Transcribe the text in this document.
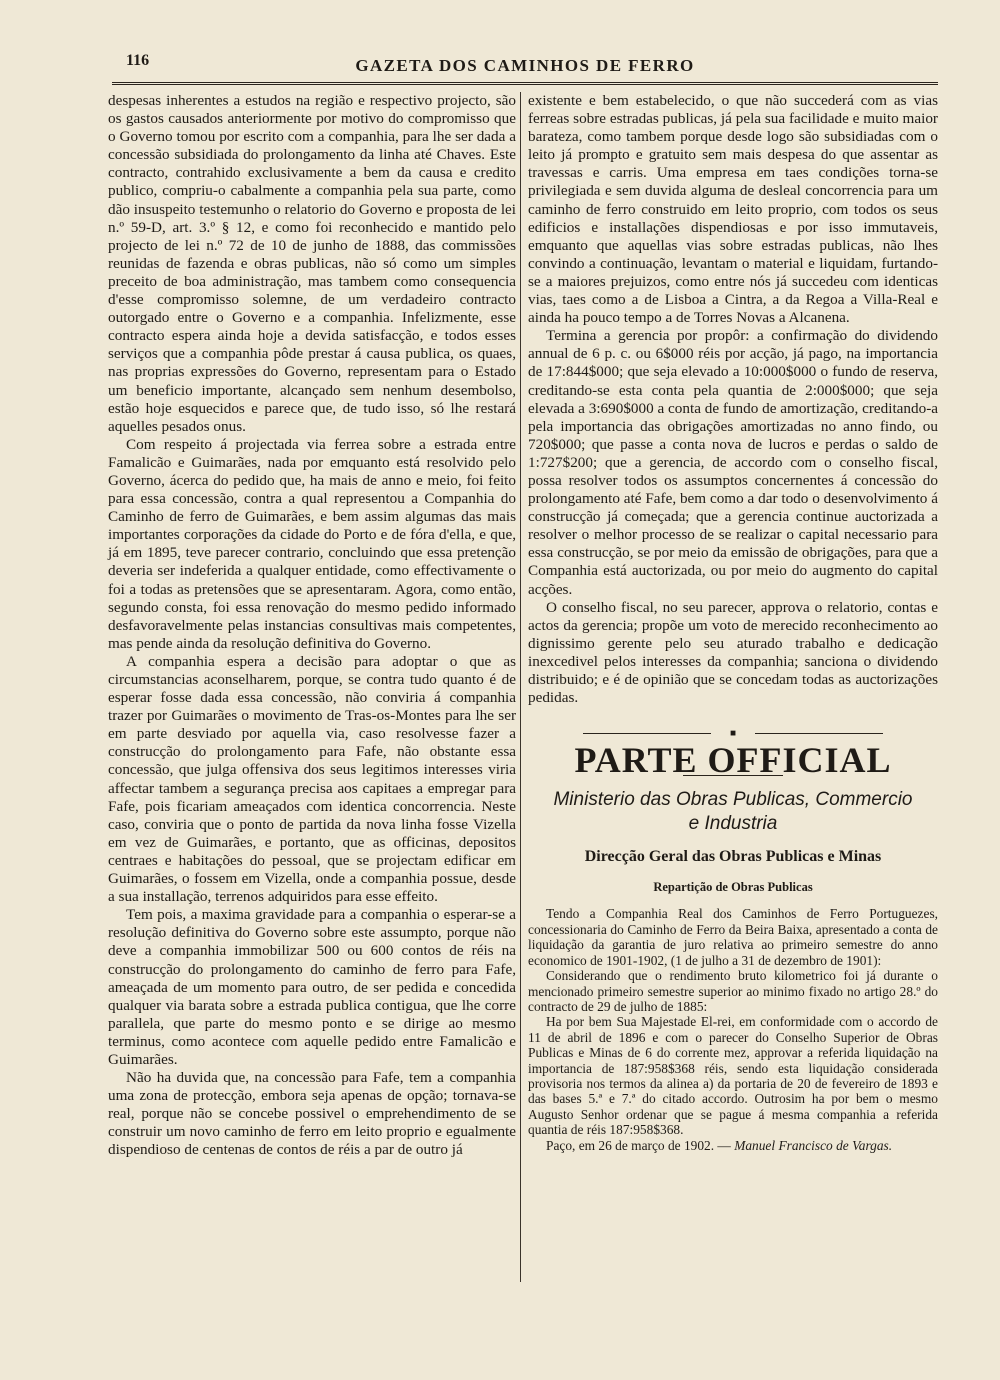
116	GAZETA DOS CAMINHOS DE FERRO

despesas inherentes a estudos na região e respectivo projecto, são os gastos causados anteriormente por motivo do compromisso que o Governo tomou por escrito com a companhia, para lhe ser dada a concessão subsidiada do prolongamento da linha até Chaves. Este contracto, contrahido exclusivamente a bem da causa e credito publico, compriu-o cabalmente a companhia pela sua parte, como dão insuspeito testemunho o relatorio do Governo e proposta de lei n.º 59-D, art. 3.º § 12, e como foi reconhecido e mantido pelo projecto de lei n.º 72 de 10 de junho de 1888, das commissões reunidas de fazenda e obras publicas, não só como um simples preceito de boa administração, mas tambem como consequencia d'esse compromisso solemne, de um verdadeiro contracto outorgado entre o Governo e a companhia. Infelizmente, esse contracto espera ainda hoje a devida satisfacção, e todos esses serviços que a companhia pôde prestar á causa publica, os quaes, nas proprias expressões do Governo, representam para o Estado um beneficio importante, alcançado sem nenhum desembolso, estão hoje esquecidos e parece que, de tudo isso, só lhe restará aquelles pesados onus.

Com respeito á projectada via ferrea sobre a estrada entre Famalicão e Guimarães, nada por emquanto está resolvido pelo Governo, ácerca do pedido que, ha mais de anno e meio, foi feito para essa concessão, contra a qual representou a Companhia do Caminho de ferro de Guimarães, e bem assim algumas das mais importantes corporações da cidade do Porto e de fóra d'ella, e que, já em 1895, teve parecer contrario, concluindo que essa pretenção deveria ser indeferida a qualquer entidade, como effectivamente o foi a todas as pretensões que se apresentaram. Agora, como então, segundo consta, foi essa renovação do mesmo pedido informado desfavoravelmente pelas instancias consultivas mais competentes, mas pende ainda da resolução definitiva do Governo.

A companhia espera a decisão para adoptar o que as circumstancias aconselharem, porque, se contra tudo quanto é de esperar fosse dada essa concessão, não conviria á companhia trazer por Guimarães o movimento de Tras-os-Montes para lhe ser em parte desviado por aquella via, caso resolvesse fazer a construcção do prolongamento para Fafe, não obstante essa concessão, que julga offensiva dos seus legitimos interesses viria affectar tambem a segurança precisa aos capitaes a empregar para Fafe, pois ficariam ameaçados com identica concorrencia. Neste caso, conviria que o ponto de partida da nova linha fosse Vizella em vez de Guimarães, e portanto, que as officinas, depositos centraes e habitações do pessoal, que se projectam edificar em Guimarães, o fossem em Vizella, onde a companhia possue, desde a sua installação, terrenos adquiridos para esse effeito.

Tem pois, a maxima gravidade para a companhia o esperar-se a resolução definitiva do Governo sobre este assumpto, porque não deve a companhia immobilizar 500 ou 600 contos de réis na construcção do prolongamento do caminho de ferro para Fafe, ameaçada de um momento para outro, de ser pedida e concedida qualquer via barata sobre a estrada publica contigua, que lhe corre parallela, que parte do mesmo ponto e se dirige ao mesmo terminus, como acontece com aquelle pedido entre Famalicão e Guimarães.

Não ha duvida que, na concessão para Fafe, tem a companhia uma zona de protecção, embora seja apenas de opção; tornava-se real, porque não se concebe possivel o emprehendimento de se construir um novo caminho de ferro em leito proprio e egualmente dispendioso de centenas de contos de réis a par de outro já

existente e bem estabelecido, o que não succederá com as vias ferreas sobre estradas publicas, já pela sua facilidade e muito maior barateza, como tambem porque desde logo são subsidiadas com o leito já prompto e gratuito sem mais despesa do que assentar as travessas e carris. Uma empresa em taes condições torna-se privilegiada e sem duvida alguma de desleal concorrencia para um caminho de ferro construido em leito proprio, com todos os seus edificios e installações dispendiosas e por isso immutaveis, emquanto que aquellas vias sobre estradas publicas, não lhes convindo a continuação, levantam o material e liquidam, furtando-se a maiores prejuizos, como entre nós já succedeu com identicas vias, taes como a de Lisboa a Cintra, a da Regoa a Villa-Real e ainda ha pouco tempo a de Torres Novas a Alcanena.

Termina a gerencia por propôr: a confirmação do dividendo annual de 6 p. c. ou 6$000 réis por acção, já pago, na importancia de 17:844$000; que seja elevado a 10:000$000 o fundo de reserva, creditando-se esta conta pela quantia de 2:000$000; que seja elevada a 3:690$000 a conta de fundo de amortização, creditando-a pela importancia das obrigações amortizadas no anno findo, ou 720$000; que passe a conta nova de lucros e perdas o saldo de 1:727$200; que a gerencia, de accordo com o conselho fiscal, possa resolver todos os assumptos concernentes á concessão do prolongamento até Fafe, bem como a dar todo o desenvolvimento á construcção já começada; que a gerencia continue auctorizada a resolver o melhor processo de se realizar o capital necessario para essa construcção, se por meio da emissão de obrigações, para que a Companhia está auctorizada, ou por meio do augmento do capital acções.

O conselho fiscal, no seu parecer, approva o relatorio, contas e actos da gerencia; propõe um voto de merecido reconhecimento ao dignissimo gerente pelo seu aturado trabalho e dedicação inexcedivel pelos interesses da companhia; sanciona o dividendo distribuido; e é de opinião que se concedam todas as auctorizações pedidas.

■
PARTE OFFICIAL
Ministerio das Obras Publicas, Commercio e Industria
Direcção Geral das Obras Publicas e Minas
Repartição de Obras Publicas

Tendo a Companhia Real dos Caminhos de Ferro Portuguezes, concessionaria do Caminho de Ferro da Beira Baixa, apresentado a conta de liquidação da garantia de juro relativa ao primeiro semestre do anno economico de 1901-1902, (1 de julho a 31 de dezembro de 1901):

Considerando que o rendimento bruto kilometrico foi já durante o mencionado primeiro semestre superior ao minimo fixado no artigo 28.º do contracto de 29 de julho de 1885:

Ha por bem Sua Majestade El-rei, em conformidade com o accordo de 11 de abril de 1896 e com o parecer do Conselho Superior de Obras Publicas e Minas de 6 do corrente mez, approvar a referida liquidação na importancia de 187:958$368 réis, sendo esta liquidação considerada provisoria nos termos da alinea a) da portaria de 20 de fevereiro de 1893 e das bases 5.ª e 7.ª do citado accordo. Outrosim ha por bem o mesmo Augusto Senhor ordenar que se pague á mesma companhia a referida quantia de réis 187:958$368.

Paço, em 26 de março de 1902. — Manuel Francisco de Vargas.
